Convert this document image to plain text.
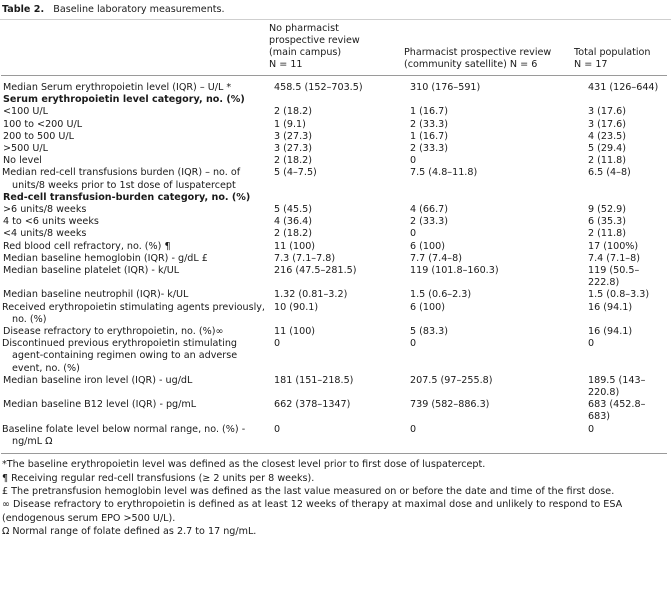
Table 2. Baseline laboratory measurements.

	No pharmacist
prospective review
(main campus)
N = 11	Pharmacist prospective review
(community satellite) N = 6	Total population
N = 17

Median Serum erythropoietin level (IQR) – U/L *	458.5 (152–703.5)	310 (176–591)	431 (126–644)
Serum erythropoietin level category, no. (%)			
<100 U/L	2 (18.2)	1 (16.7)	3 (17.6)
100 to <200 U/L	1 (9.1)	2 (33.3)	3 (17.6)
200 to 500 U/L	3 (27.3)	1 (16.7)	4 (23.5)
>500 U/L	3 (27.3)	2 (33.3)	5 (29.4)
No level	2 (18.2)	0	2 (11.8)
Median red-cell transfusions burden (IQR) – no. of units/8 weeks prior to 1st dose of luspatercept	5 (4–7.5)	7.5 (4.8–11.8)	6.5 (4–8)
Red-cell transfusion-burden category, no. (%)			
>6 units/8 weeks	5 (45.5)	4 (66.7)	9 (52.9)
4 to <6 units weeks	4 (36.4)	2 (33.3)	6 (35.3)
<4 units/8 weeks	2 (18.2)	0	2 (11.8)
Red blood cell refractory, no. (%) ¶	11 (100)	6 (100)	17 (100%)
Median baseline hemoglobin (IQR) - g/dL £	7.3 (7.1–7.8)	7.7 (7.4–8)	7.4 (7.1–8)
Median baseline platelet (IQR) - k/UL	216 (47.5–281.5)	119 (101.8–160.3)	119 (50.5–222.8)
Median baseline neutrophil (IQR)- k/UL	1.32 (0.81–3.2)	1.5 (0.6–2.3)	1.5 (0.8–3.3)
Received erythropoietin stimulating agents previously, no. (%)	10 (90.1)	6 (100)	16 (94.1)
Disease refractory to erythropoietin, no. (%)∞	11 (100)	5 (83.3)	16 (94.1)
Discontinued previous erythropoietin stimulating agent-containing regimen owing to an adverse event, no. (%)	0	0	0
Median baseline iron level (IQR) - ug/dL	181 (151–218.5)	207.5 (97–255.8)	189.5 (143–220.8)
Median baseline B12 level (IQR) - pg/mL	662 (378–1347)	739 (582–886.3)	683 (452.8–683)
Baseline folate level below normal range, no. (%) - ng/mL Ω	0	0	0
*The baseline erythropoietin level was defined as the closest level prior to first dose of luspatercept.
¶ Receiving regular red-cell transfusions (≥ 2 units per 8 weeks).
£ The pretransfusion hemoglobin level was defined as the last value measured on or before the date and time of the first dose.
∞ Disease refractory to erythropoietin is defined as at least 12 weeks of therapy at maximal dose and unlikely to respond to ESA (endogenous serum EPO >500 U/L).
Ω Normal range of folate defined as 2.7 to 17 ng/mL.
